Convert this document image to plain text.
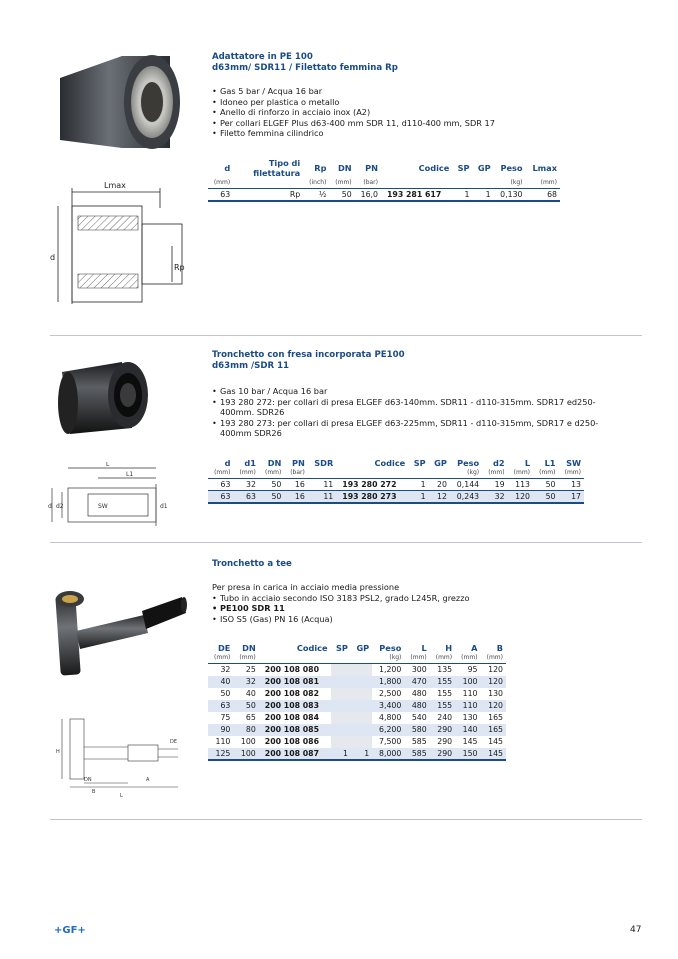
Lmax
d
Rp
Adattatore in PE 100
d63mm/ SDR11 / Filettato femmina Rp
• Gas 5 bar / Acqua 16 bar
• Idoneo per plastica o metallo
• Anello di rinforzo in acciaio inox (A2)
• Per collari ELGEF Plus d63-400 mm SDR 11, d110-400 mm, SDR 17
• Filetto femmina cilindrico
d	Tipo di filettatura	Rp	DN	PN	Codice	SP	GP	Peso	Lmax
(mm)		(inch)	(mm)	(bar)				(kg)	(mm)
63	Rp	½	50	16,0	193 281 617	1	1	0,130	68
L
L1
d d2	SW	d1
Tronchetto con fresa incorporata PE100
d63mm /SDR 11
• Gas 10 bar / Acqua 16 bar
• 193 280 272: per collari di presa ELGEF d63-140mm. SDR11 - d110-315mm. SDR17 ed250-400mm. SDR26
• 193 280 273: per collari di presa ELGEF d63-225mm, SDR11 - d110-315mm, SDR17 e d250-400mm SDR26
d	d1	DN	PN	SDR	Codice	SP	GP	Peso	d2	L	L1	SW
(mm)	(mm)	(mm)	(bar)					(kg)	(mm)	(mm)	(mm)	(mm)
63	32	50	16	11	193 280 272	1	20	0,144	19	113	50	13
63	63	50	16	11	193 280 273	1	12	0,243	32	120	50	17
H
DN
B
L
A
DE
Tronchetto a tee
Per presa in carica in acciaio media pressione
• Tubo in acciaio secondo ISO 3183 PSL2, grado L245R, grezzo
• PE100 SDR 11
• ISO S5 (Gas) PN 16 (Acqua)
DE	DN	Codice	SP	GP	Peso	L	H	A	B
(mm)	(mm)				(kg)	(mm)	(mm)	(mm)	(mm)
32	25	200 108 080			1,200	300	135	95	120
40	32	200 108 081			1,800	470	155	100	120
50	40	200 108 082			2,500	480	155	110	130
63	50	200 108 083			3,400	480	155	110	120
75	65	200 108 084			4,800	540	240	130	165
90	80	200 108 085			6,200	580	290	140	165
110	100	200 108 086			7,500	585	290	145	145
125	100	200 108 087	1	1	8,000	585	290	150	145
+GF+	47
